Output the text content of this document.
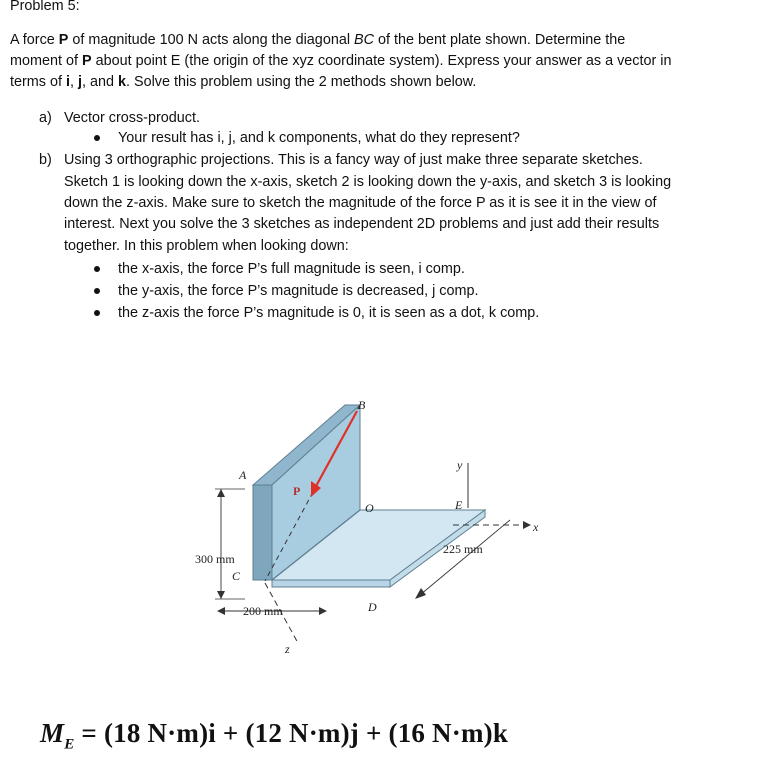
Problem 5:
A force P of magnitude 100 N acts along the diagonal BC of the bent plate shown. Determine the
moment of P about point E (the origin of the xyz coordinate system). Express your answer as a vector in
terms of i, j, and k. Solve this problem using the 2 methods shown below.
a) Vector cross-product.
Your result has i, j, and k components, what do they represent?
b) Using 3 orthographic projections. This is a fancy way of just make three separate sketches.
Sketch 1 is looking down the x-axis, sketch 2 is looking down the y-axis, and sketch 3 is looking
down the z-axis. Make sure to sketch the magnitude of the force P as it is see it in the view of
interest. Next you solve the 3 sketches as independent 2D problems and just add their results
together. In this problem when looking down:
the x-axis, the force P’s full magnitude is seen, i comp.
the y-axis, the force P’s magnitude is decreased, j comp.
the z-axis the force P’s magnitude is 0, it is seen as a dot, k comp.
B
A
P
O	E
C
D
x
y
z
300 mm
200 mm
225 mm
$M_E = (18$ N·m)i + (12 N·m)j + (16 N·m)k
